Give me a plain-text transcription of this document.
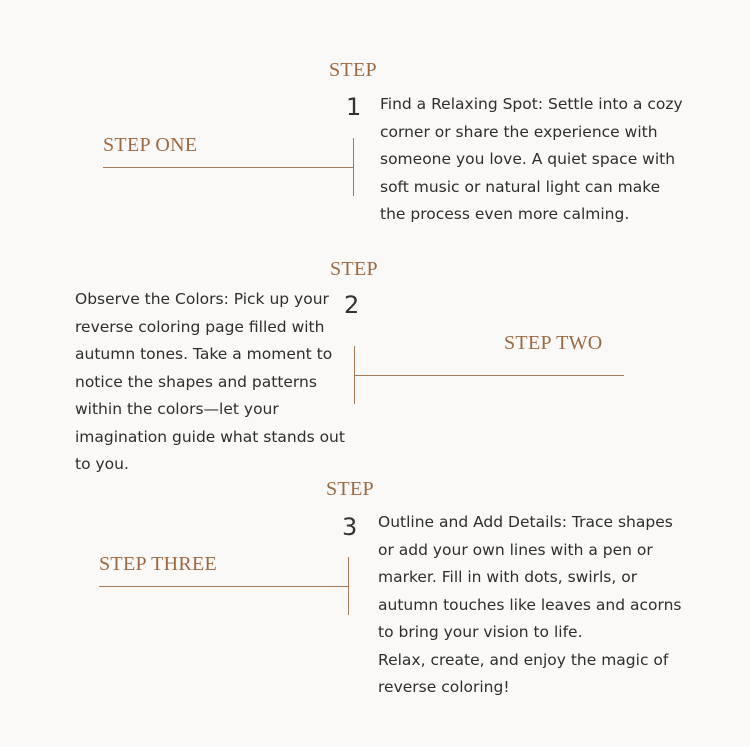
STEP
1
STEP ONE
Find a Relaxing Spot: Settle into a cozy
corner or share the experience with
someone you love. A quiet space with
soft music or natural light can make
the process even more calming.
STEP
2
Observe the Colors: Pick up your
reverse coloring page filled with
autumn tones. Take a moment to
notice the shapes and patterns
within the colors—let your
imagination guide what stands out
to you.
STEP TWO
STEP
3
STEP THREE
Outline and Add Details: Trace shapes
or add your own lines with a pen or
marker. Fill in with dots, swirls, or
autumn touches like leaves and acorns
to bring your vision to life.
Relax, create, and enjoy the magic of
reverse coloring!
